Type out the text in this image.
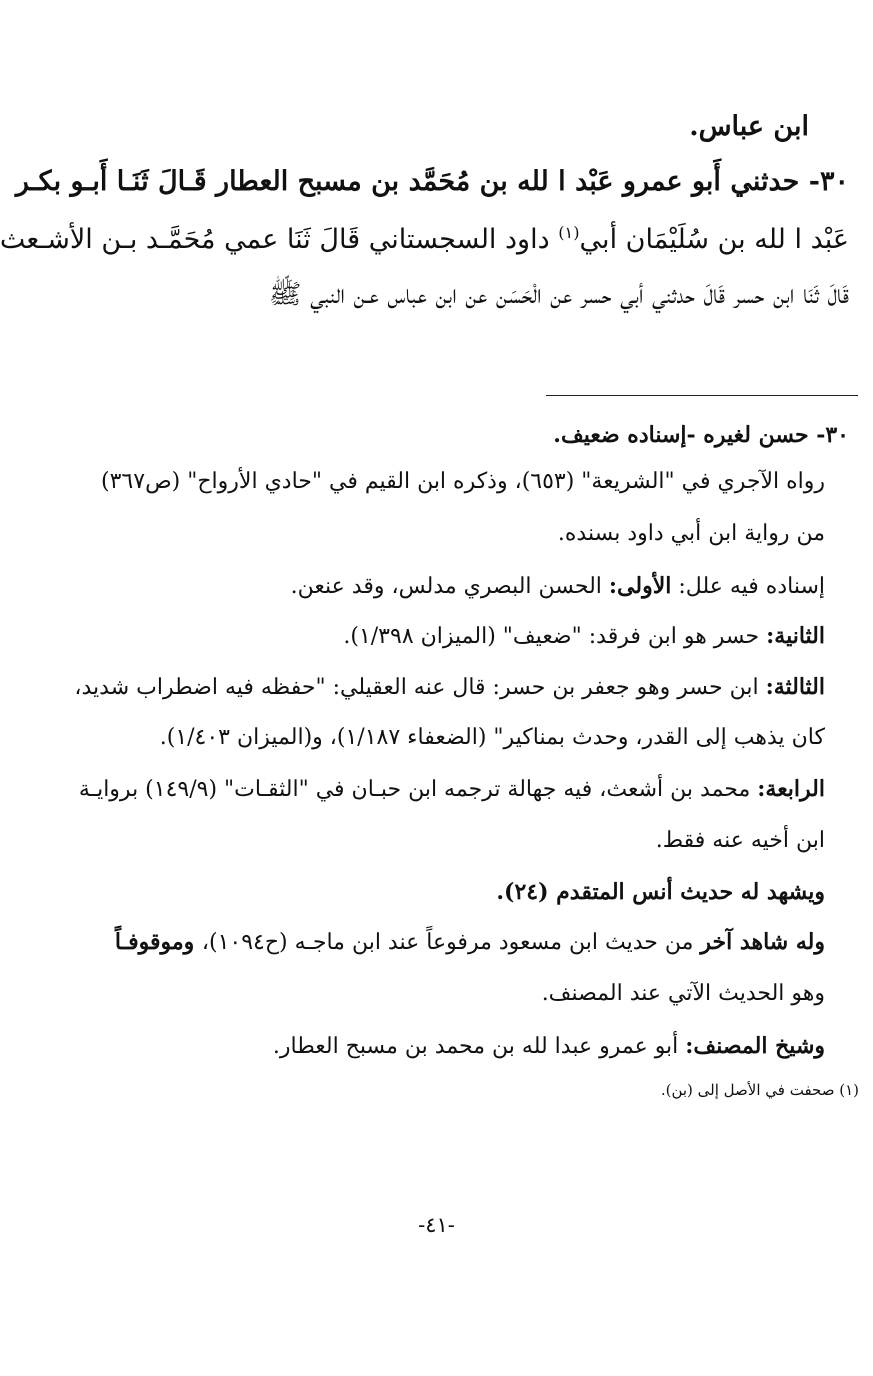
ابن عباس.
٣٠- حدثني أَبو عمرو عَبْد ا لله بن مُحَمَّد بن مسبح العطار قَـالَ ثَنَـا أَبـو بكـر
عَبْد ا لله بن سُلَيْمَان أبي$^{(١)}$ داود السجستاني قَالَ ثَنَا عمي مُحَمَّـد بـن الأشـعث
قَالَ ثَنَا ابن حسر قَالَ حدثني أبي حسر عن الْحَسَن عن ابن عباس عـن النبي ﷺ
٣٠- حسن لغيره -إسناده ضعيف.
رواه الآجري في "الشريعة" (٦٥٣)، وذكره ابن القيم في "حادي الأرواح" (ص٣٦٧)
من رواية ابن أبي داود بسنده.
إسناده فيه علل: الأولى: الحسن البصري مدلس، وقد عنعن.
الثانية: حسر هو ابن فرقد: "ضعيف" (الميزان ١/٣٩٨).
الثالثة: ابن حسر وهو جعفر بن حسر: قال عنه العقيلي: "حفظه فيه اضطراب شديد،
كان يذهب إلى القدر، وحدث بمناكير" (الضعفاء ١/١٨٧)، و(الميزان ١/٤٠٣).
الرابعة: محمد بن أشعث، فيه جهالة ترجمه ابن حبـان في "الثقـات" (١٤٩/٩) بروايـة
ابن أخيه عنه فقط.
ويشهد له حديث أنس المتقدم (٢٤).
وله شاهد آخر من حديث ابن مسعود مرفوعاً عند ابن ماجـه (ح١٠٩٤)، وموقوفـاً
وهو الحديث الآتي عند المصنف.
وشيخ المصنف: أبو عمرو عبدا لله بن محمد بن مسبح العطار.
(١) صحفت في الأصل إلى (بن).
-٤١-
